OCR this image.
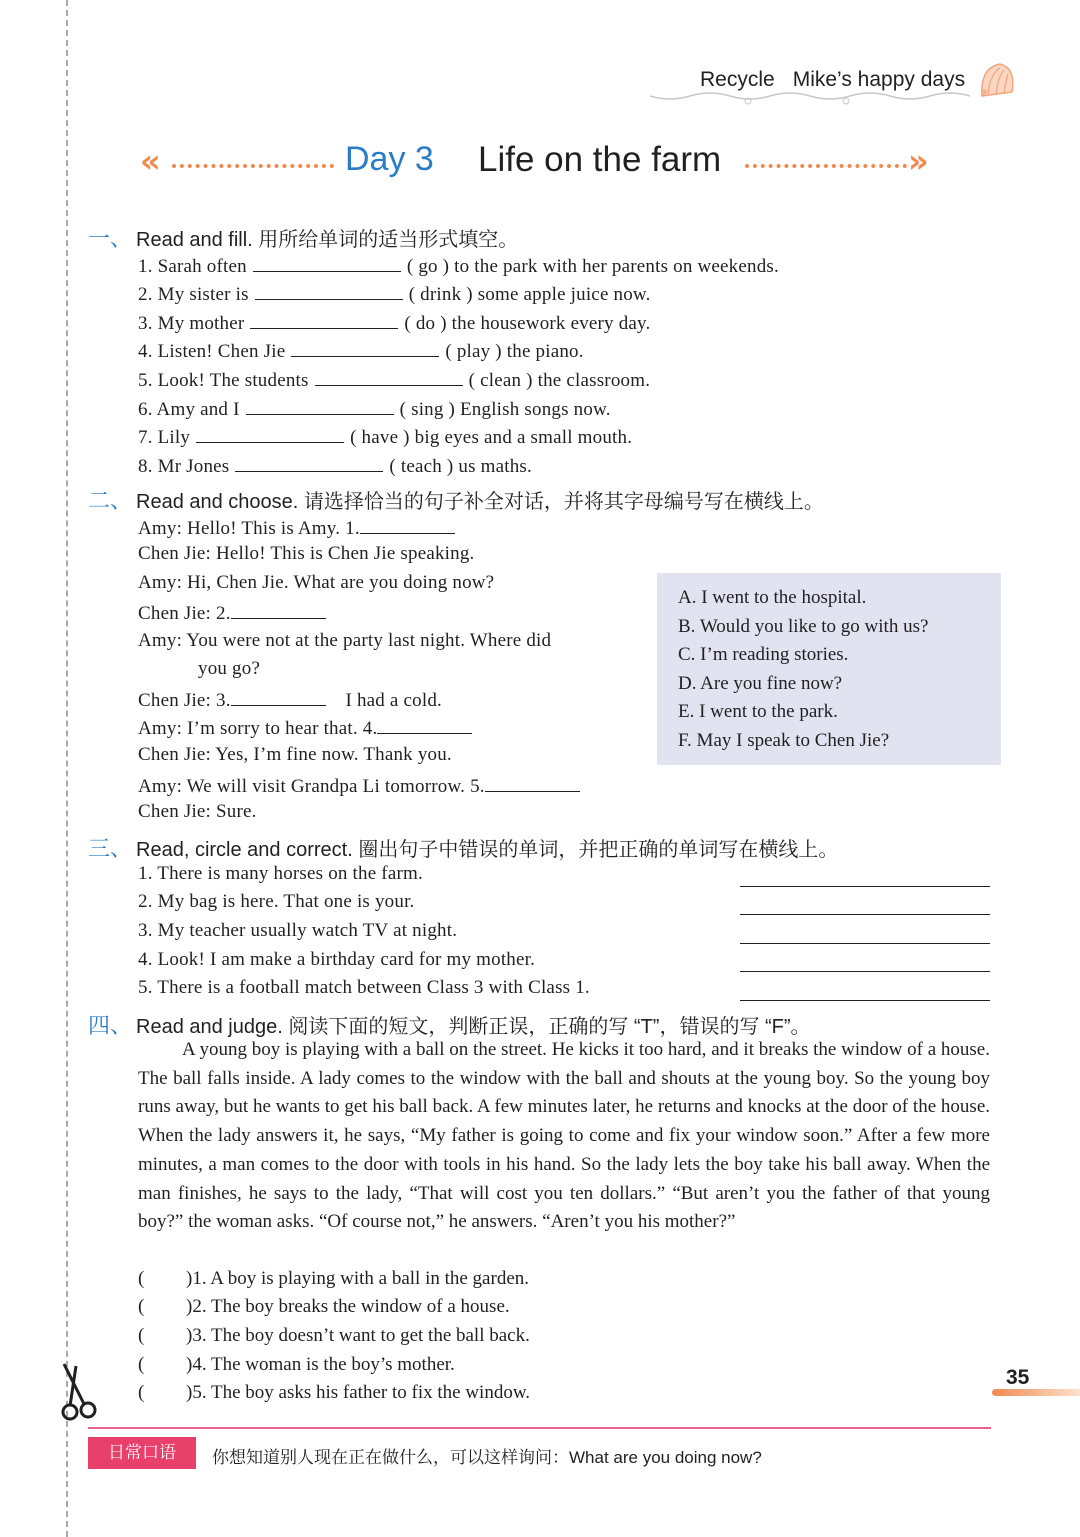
Recycle Mike’s happy days
«	Day 3 Life on the farm	»
一、 Read and fill. 用所给单词的适当形式填空。
1. Sarah often	( go ) to the park with her parents on weekends.
2. My sister is	( drink ) some apple juice now.
3. My mother	( do ) the housework every day.
4. Listen! Chen Jie	( play ) the piano.
5. Look! The students	( clean ) the classroom.
6. Amy and I	( sing ) English songs now.
7. Lily	( have ) big eyes and a small mouth.
8. Mr Jones	( teach ) us maths.
二、 Read and choose. 请选择恰当的句子补全对话，并将其字母编号写在横线上。
Amy: Hello! This is Amy. 1.
Chen Jie: Hello! This is Chen Jie speaking.
Amy: Hi, Chen Jie. What are you doing now?
Chen Jie: 2.
Amy: You were not at the party last night. Where did
you go?
Chen Jie: 3.	I had a cold.
Amy: I’m sorry to hear that. 4.
Chen Jie: Yes, I’m fine now. Thank you.
Amy: We will visit Grandpa Li tomorrow. 5.
Chen Jie: Sure.
A. I went to the hospital.
B. Would you like to go with us?
C. I’m reading stories.
D. Are you fine now?
E. I went to the park.
F. May I speak to Chen Jie?
三、 Read, circle and correct. 圈出句子中错误的单词，并把正确的单词写在横线上。
1. There is many horses on the farm.
2. My bag is here. That one is your.
3. My teacher usually watch TV at night.
4. Look! I am make a birthday card for my mother.
5. There is a football match between Class 3 with Class 1.
四、 Read and judge. 阅读下面的短文，判断正误，正确的写 “T”，错误的写 “F”。

A young boy is playing with a ball on the street. He kicks it too hard, and it breaks the window of a house. The ball falls inside. A lady comes to the window with the ball and shouts at the young boy. So the young boy runs away, but he wants to get his ball back. A few minutes later, he returns and knocks at the door of the house. When the lady answers it, he says, “My father is going to come and fix your window soon.” After a few more minutes, a man comes to the door with tools in his hand. So the lady lets the boy take his ball away. When the man finishes, he says to the lady, “That will cost you ten dollars.” “But aren’t you the father of that young boy?” the woman asks. “Of course not,” he answers. “Aren’t you his mother?”

( )1. A boy is playing with a ball in the garden.
( )2. The boy breaks the window of a house.
( )3. The boy doesn’t want to get the ball back.
( )4. The woman is the boy’s mother.
( )5. The boy asks his father to fix the window.
35
日常口语	你想知道别人现在正在做什么，可以这样询问：What are you doing now?
